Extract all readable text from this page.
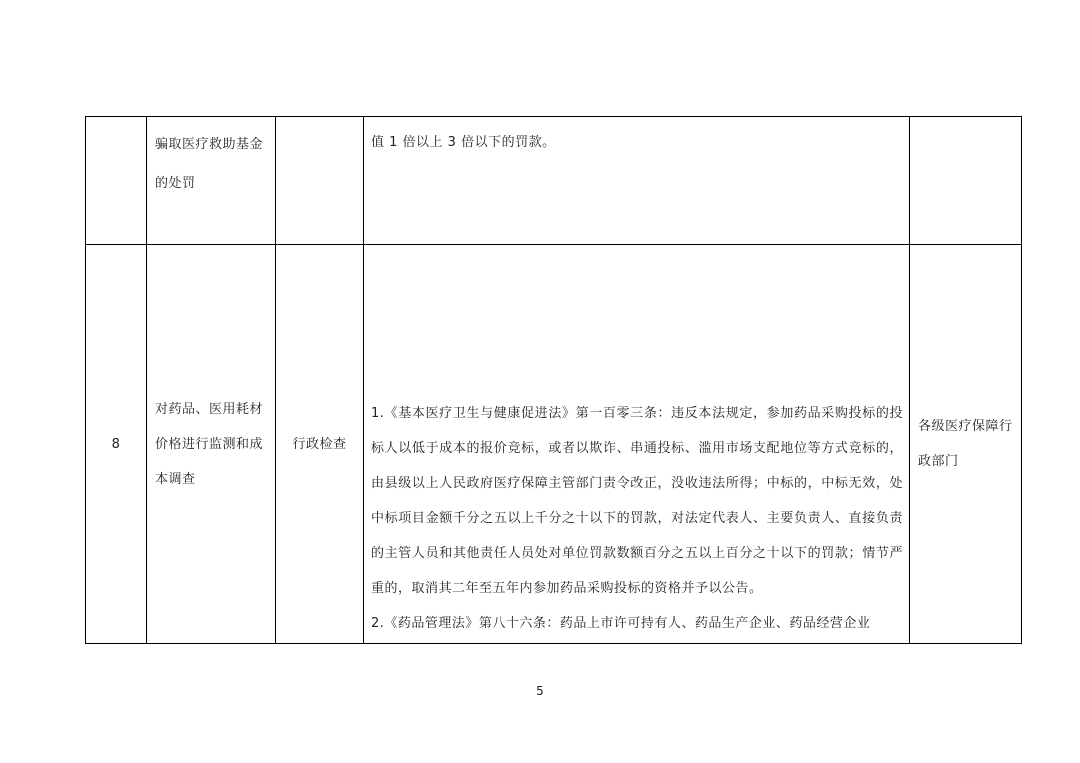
	骗取医疗救助基金的处罚		值 1 倍以上 3 倍以下的罚款。	

8	对药品、医用耗材价格进行监测和成本调查	行政检查	1.《基本医疗卫生与健康促进法》第一百零三条：违反本法规定，参加药品采购投标的投标人以低于成本的报价竞标，或者以欺诈、串通投标、滥用市场支配地位等方式竞标的，由县级以上人民政府医疗保障主管部门责令改正，没收违法所得；中标的，中标无效，处中标项目金额千分之五以上千分之十以下的罚款，对法定代表人、主要负责人、直接负责的主管人员和其他责任人员处对单位罚款数额百分之五以上百分之十以下的罚款；情节严重的，取消其二年至五年内参加药品采购投标的资格并予以公告。

2.《药品管理法》第八十六条：药品上市许可持有人、药品生产企业、药品经营企业	各级医疗保障行政部门

5
